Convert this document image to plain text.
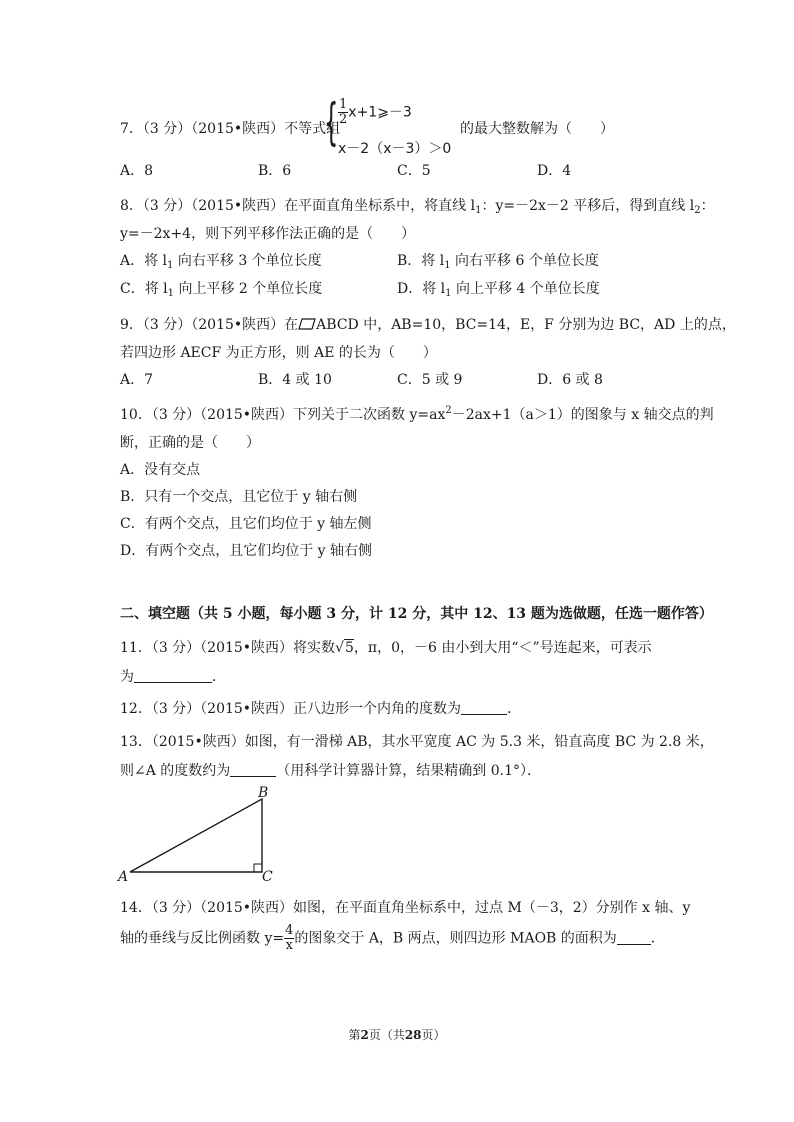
7．（3 分）（2015•陕西）不等式组
{ $\frac{1}{2}$ x+1⩾－3
x－2（x－3）＞0
的最大整数解为（　　）
A．8	B．6	C．5	D．4
8．（3 分）（2015•陕西）在平面直角坐标系中，将直线 $l_1$：y=－2x－2 平移后，得到直线 $l_2$：
y=－2x+4，则下列平移作法正确的是（　　）
A．将 $l_1$ 向右平移 3 个单位长度	B．将 $l_1$ 向右平移 6 个单位长度
C．将 $l_1$ 向上平移 2 个单位长度	D．将 $l_1$ 向上平移 4 个单位长度
9．（3 分）（2015•陕西）在 ABCD 中，AB=10，BC=14，E，F 分别为边 BC，AD 上的点，
若四边形 AECF 为正方形，则 AE 的长为（　　）
A．7	B．4 或 10	C．5 或 9	D．6 或 8
10．（3 分）（2015•陕西）下列关于二次函数 $y=ax^2-2ax+1(a>1)$的图象与 x 轴交点的判
断，正确的是（　　）
A．没有交点
B．只有一个交点，且它位于 y 轴右侧
C．有两个交点，且它们均位于 y 轴左侧
D．有两个交点，且它们均位于 y 轴右侧
二、填空题（共 5 小题，每小题 3 分，计 12 分，其中 12、13 题为选做题，任选一题作答）
11．（3 分）（2015•陕西）将实数√5，π，0，－6 由小到大用“＜”号连起来，可表示
为	．
12．（3 分）（2015•陕西）正八边形一个内角的度数为	．
13．（2015•陕西）如图，有一滑梯 AB，其水平宽度 AC 为 5.3 米，铅直高度 BC 为 2.8 米，
则∠A 的度数约为	（用科学计算器计算，结果精确到 0.1°）．
B
A	C
14．（3 分）（2015•陕西）如图，在平面直角坐标系中，过点 M（－3，2）分别作 x 轴、y
轴的垂线与反比例函数 $y= \frac{4}{x}$ 的图象交于 A，B 两点，则四边形 MAOB 的面积为 ．
第2页（共28页）
